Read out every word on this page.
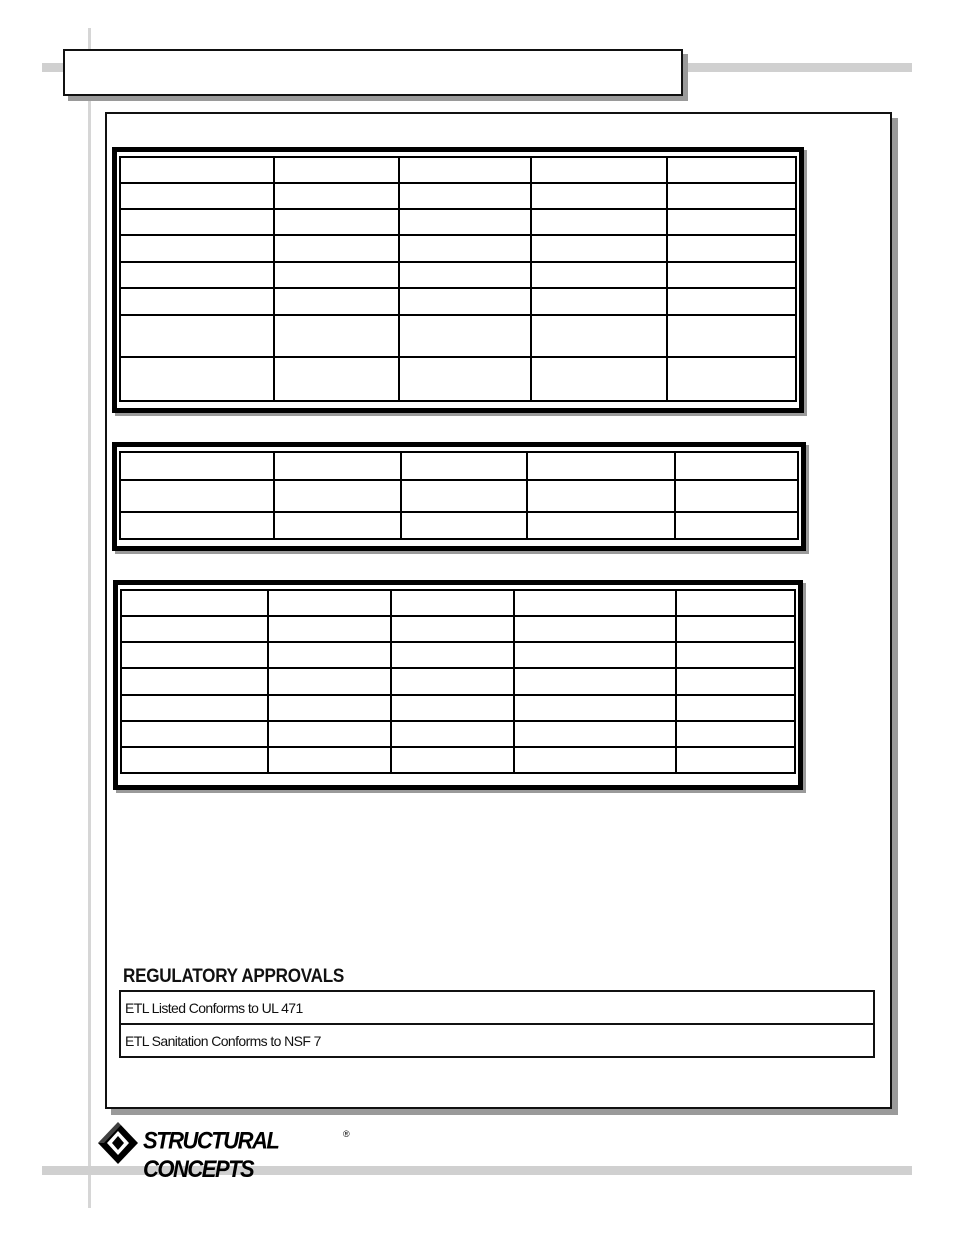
REGULATORY APPROVALS
ETL Listed Conforms to UL 471
ETL Sanitation Conforms to NSF 7
STRUCTURAL CONCEPTS
®
